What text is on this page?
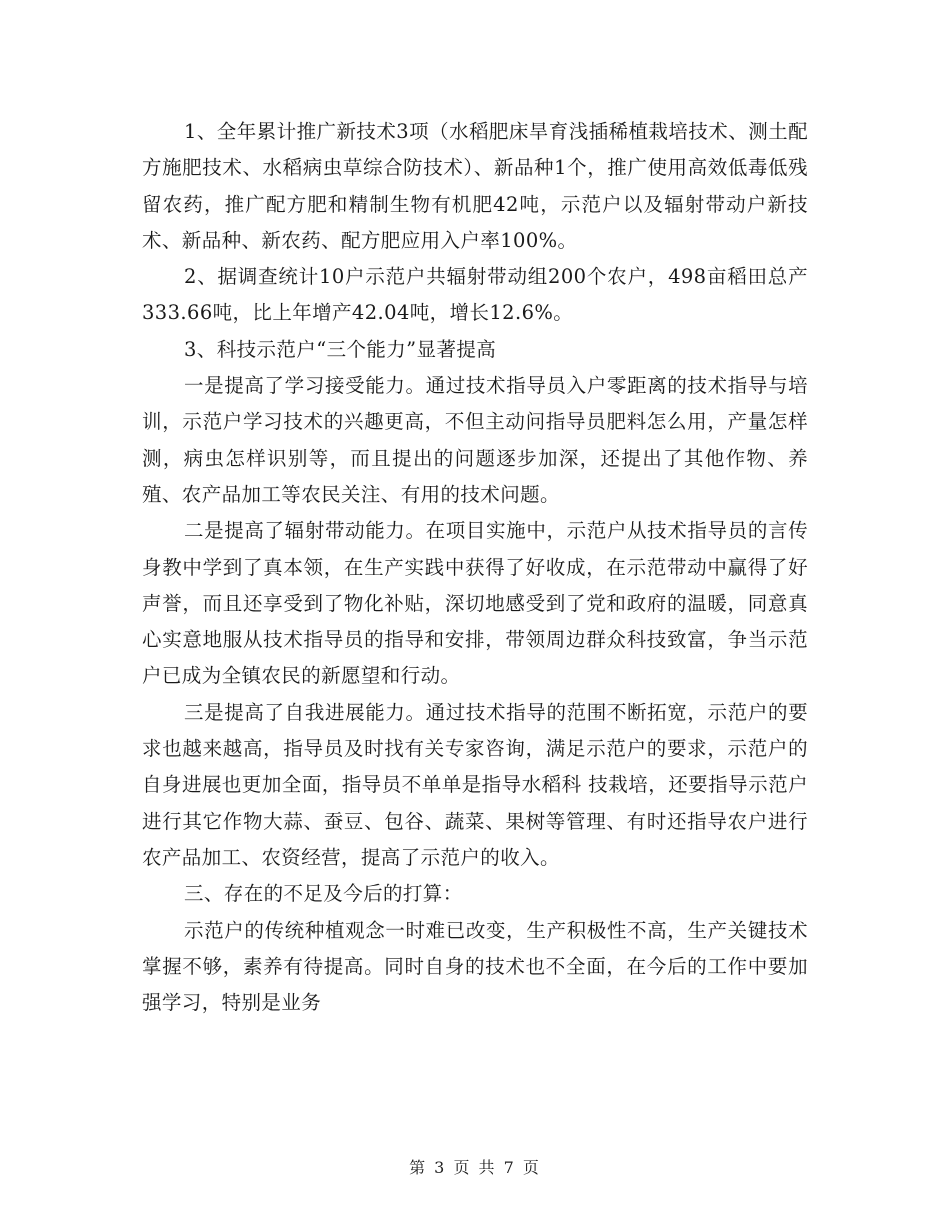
1、全年累计推广新技术3项（水稻肥床旱育浅插稀植栽培技术、测土配方施肥技术、水稻病虫草综合防技术）、新品种1个，推广使用高效低毒低残留农药，推广配方肥和精制生物有机肥42吨，示范户以及辐射带动户新技术、新品种、新农药、配方肥应用入户率100%。

2、据调查统计10户示范户共辐射带动组200个农户，498亩稻田总产333.66吨，比上年增产42.04吨，增长12.6%。

3、科技示范户“三个能力”显著提高

一是提高了学习接受能力。通过技术指导员入户零距离的技术指导与培训，示范户学习技术的兴趣更高，不但主动问指导员肥料怎么用，产量怎样测，病虫怎样识别等，而且提出的问题逐步加深，还提出了其他作物、养殖、农产品加工等农民关注、有用的技术问题。

二是提高了辐射带动能力。在项目实施中，示范户从技术指导员的言传身教中学到了真本领，在生产实践中获得了好收成，在示范带动中赢得了好声誉，而且还享受到了物化补贴，深切地感受到了党和政府的温暖，同意真心实意地服从技术指导员的指导和安排，带领周边群众科技致富，争当示范户已成为全镇农民的新愿望和行动。

三是提高了自我进展能力。通过技术指导的范围不断拓宽，示范户的要求也越来越高，指导员及时找有关专家咨询，满足示范户的要求，示范户的自身进展也更加全面，指导员不单单是指导水稻科 技栽培，还要指导示范户进行其它作物大蒜、蚕豆、包谷、蔬菜、果树等管理、有时还指导农户进行农产品加工、农资经营，提高了示范户的收入。

三、存在的不足及今后的打算：

示范户的传统种植观念一时难已改变，生产积极性不高，生产关键技术掌握不够，素养有待提高。同时自身的技术也不全面，在今后的工作中要加强学习，特别是业务

第 3 页 共 7 页
